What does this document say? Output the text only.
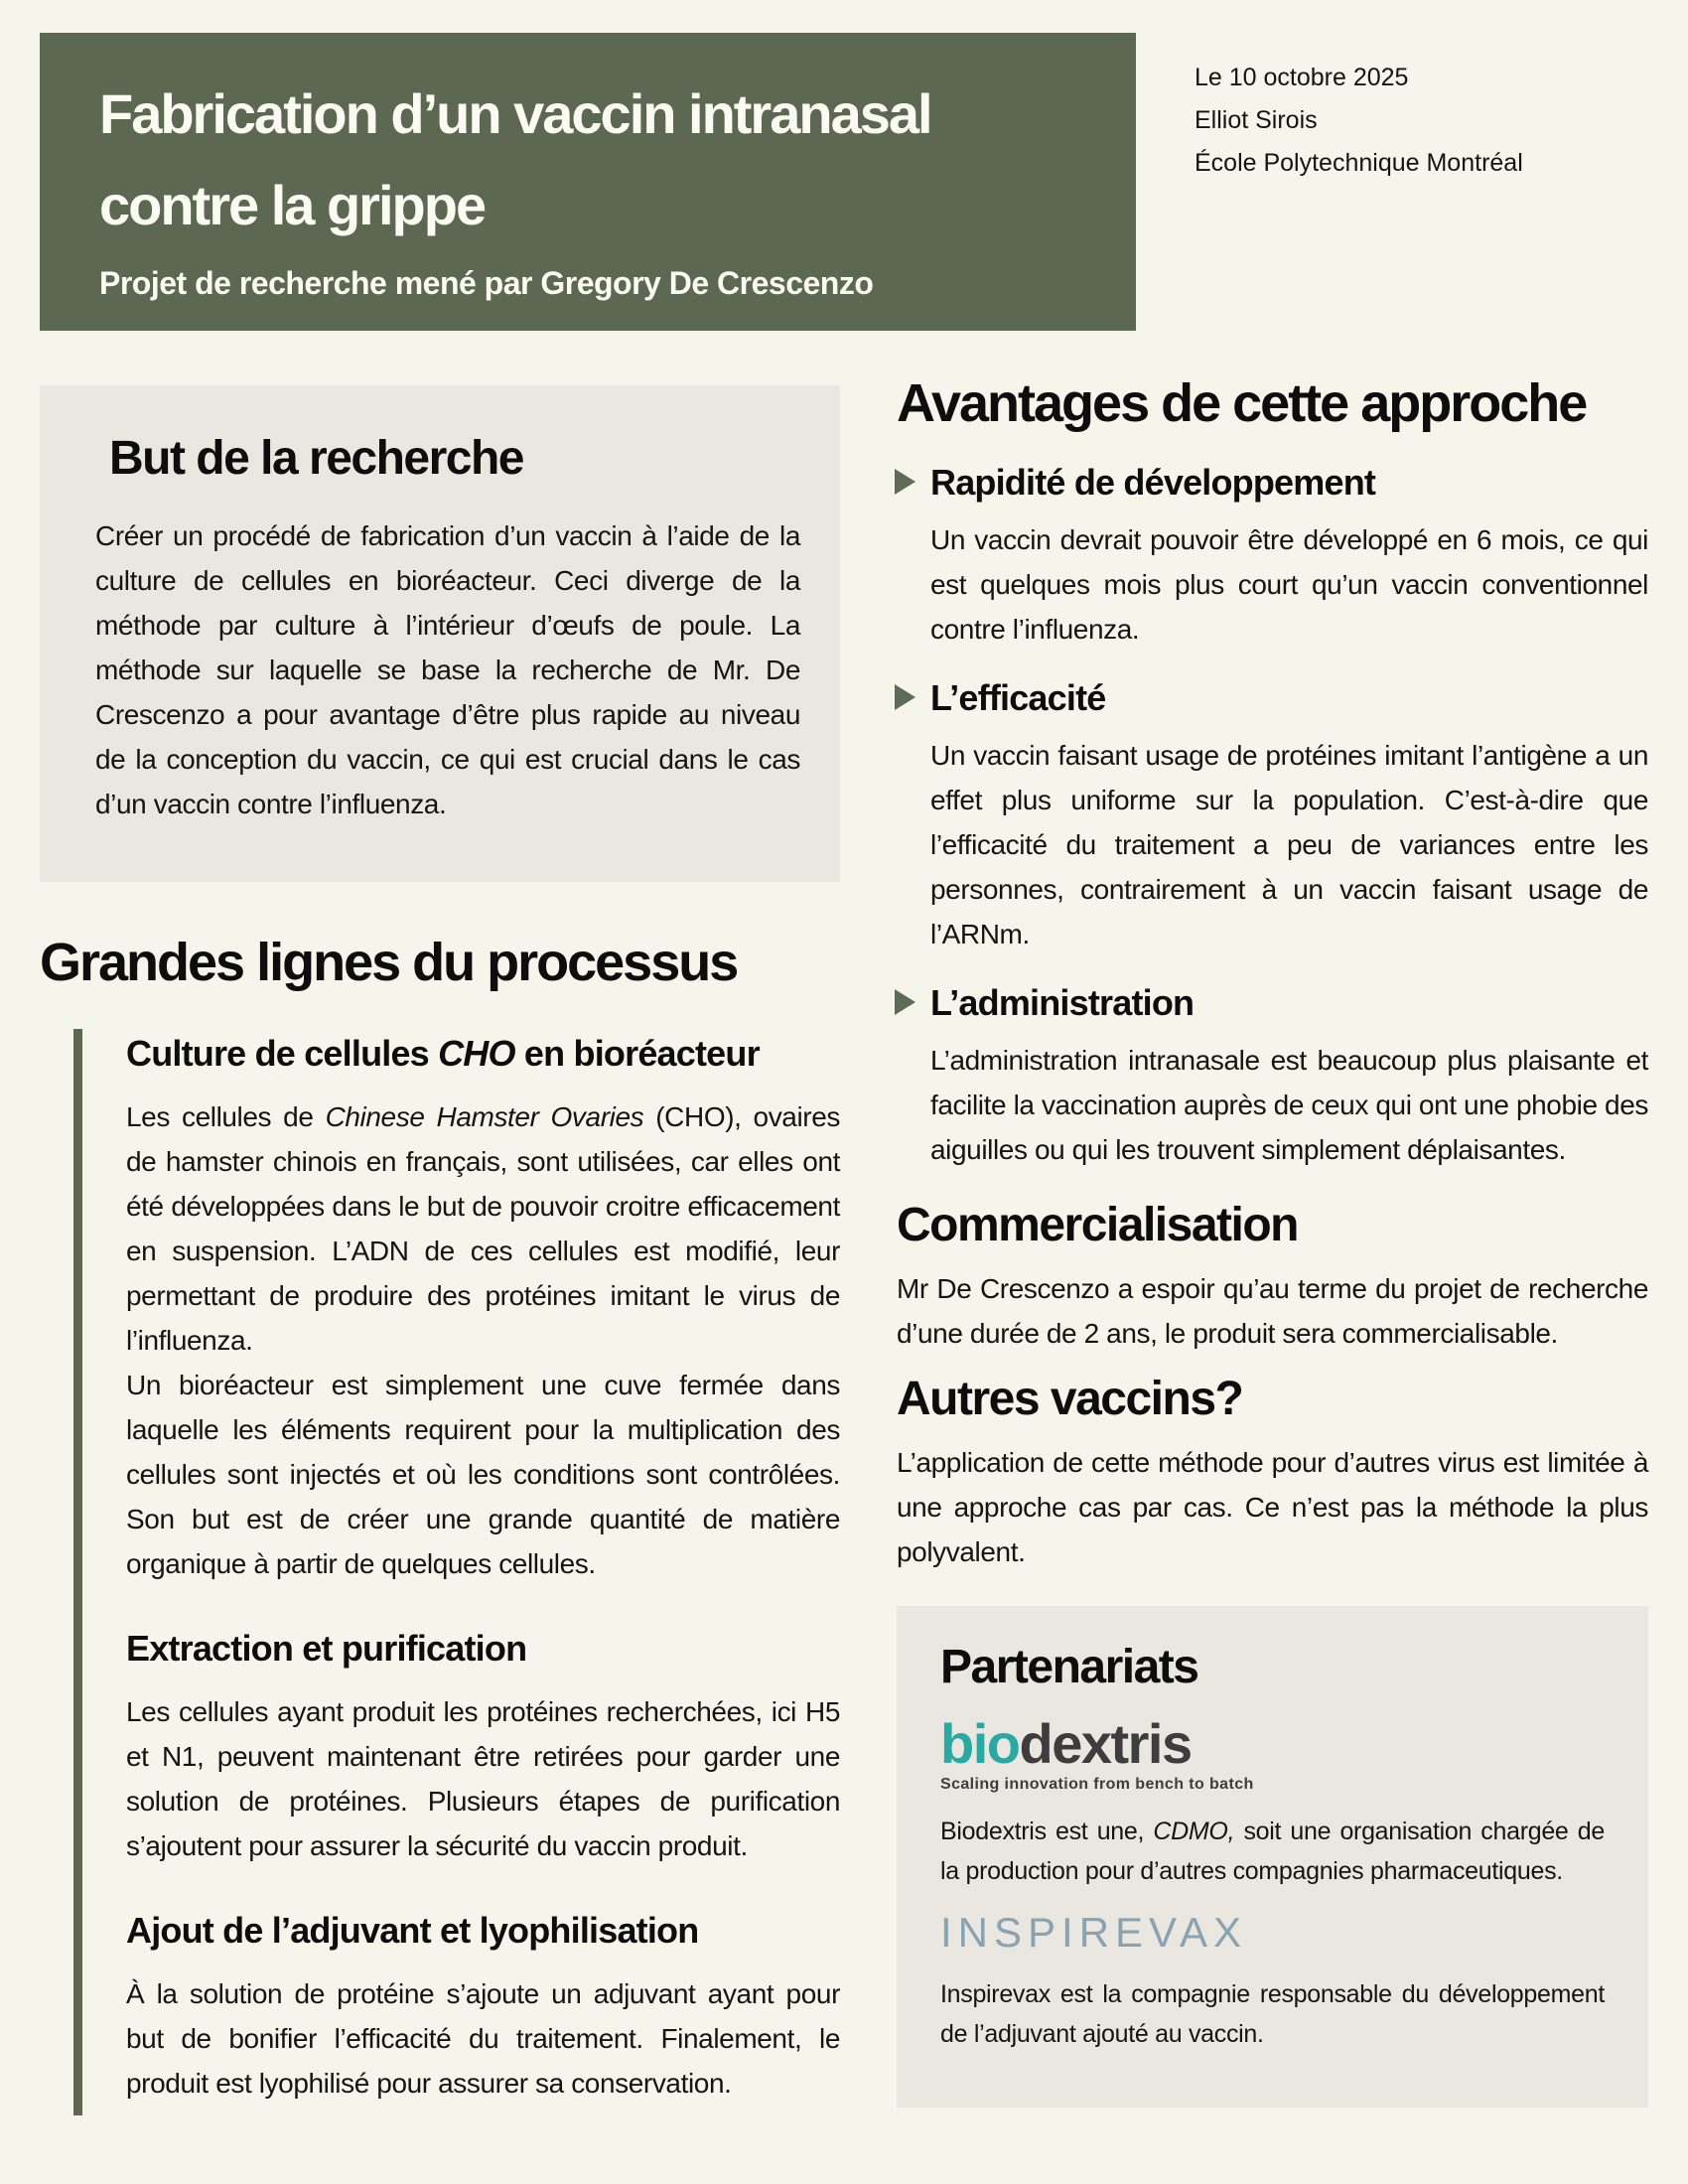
Fabrication d’un vaccin intranasal
contre la grippe

Projet de recherche mené par Gregory De Crescenzo

Le 10 octobre 2025
Elliot Sirois
École Polytechnique Montréal
But de la recherche

Créer un procédé de fabrication d’un vaccin à l’aide de la culture de cellules en bioréacteur. Ceci diverge de la méthode par culture à l’intérieur d’œufs de poule. La méthode sur laquelle se base la recherche de Mr. De Crescenzo a pour avantage d’être plus rapide au niveau de la conception du vaccin, ce qui est crucial dans le cas d’un vaccin contre l’influenza.

Grandes lignes du processus
Culture de cellules CHO en bioréacteur

Les cellules de Chinese Hamster Ovaries (CHO), ovaires de hamster chinois en français, sont utilisées, car elles ont été développées dans le but de pouvoir croitre efficacement en suspension. L’ADN de ces cellules est modifié, leur permettant de produire des protéines imitant le virus de l’influenza.

Un bioréacteur est simplement une cuve fermée dans laquelle les éléments requirent pour la multiplication des cellules sont injectés et où les conditions sont contrôlées. Son but est de créer une grande quantité de matière organique à partir de quelques cellules.

Extraction et purification

Les cellules ayant produit les protéines recherchées, ici H5 et N1, peuvent maintenant être retirées pour garder une solution de protéines. Plusieurs étapes de purification s’ajoutent pour assurer la sécurité du vaccin produit.

Ajout de l’adjuvant et lyophilisation

À la solution de protéine s’ajoute un adjuvant ayant pour but de bonifier l’efficacité du traitement. Finalement, le produit est lyophilisé pour assurer sa conservation.

Avantages de cette approche
Rapidité de développement

Un vaccin devrait pouvoir être développé en 6 mois, ce qui est quelques mois plus court qu’un vaccin conventionnel contre l’influenza.

L’efficacité

Un vaccin faisant usage de protéines imitant l’antigène a un effet plus uniforme sur la population. C’est-à-dire que l’efficacité du traitement a peu de variances entre les personnes, contrairement à un vaccin faisant usage de l’ARNm.

L’administration

L’administration intranasale est beaucoup plus plaisante et facilite la vaccination auprès de ceux qui ont une phobie des aiguilles ou qui les trouvent simplement déplaisantes.

Commercialisation

Mr De Crescenzo a espoir qu’au terme du projet de recherche d’une durée de 2 ans, le produit sera commercialisable.

Autres vaccins?

L’application de cette méthode pour d’autres virus est limitée à une approche cas par cas. Ce n’est pas la méthode la plus polyvalent.

Partenariats
biodextris
Scaling innovation from bench to batch

Biodextris est une, CDMO, soit une organisation chargée de la production pour d’autres compagnies pharmaceutiques.

INSPIREVAX

Inspirevax est la compagnie responsable du développement de l’adjuvant ajouté au vaccin.
